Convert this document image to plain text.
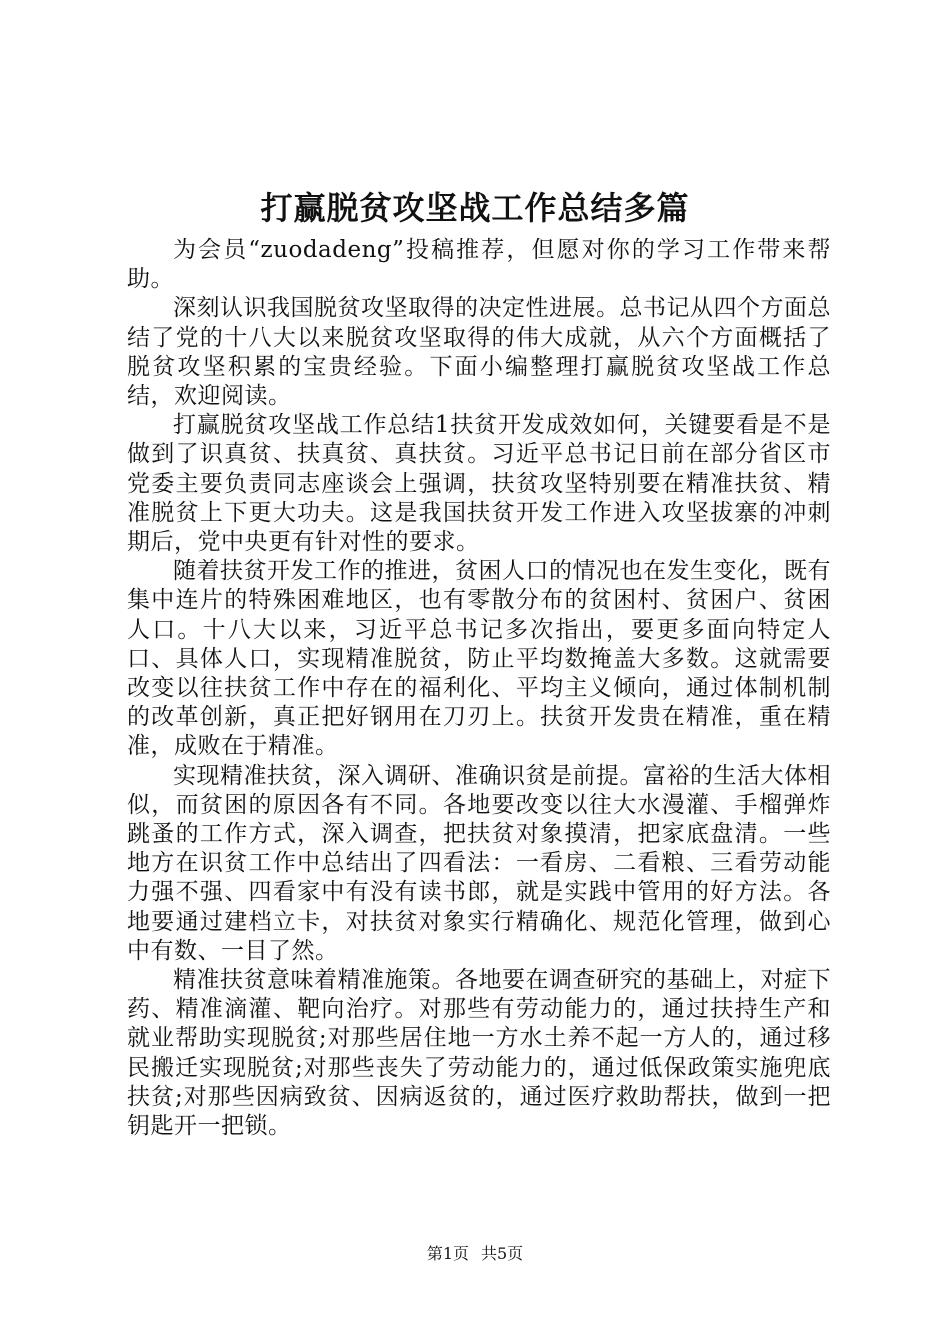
打赢脱贫攻坚战工作总结多篇

为会员“zuodadeng”投稿推荐，但愿对你的学习工作带来帮助。

深刻认识我国脱贫攻坚取得的决定性进展。总书记从四个方面总结了党的十八大以来脱贫攻坚取得的伟大成就，从六个方面概括了脱贫攻坚积累的宝贵经验。下面小编整理打赢脱贫攻坚战工作总结，欢迎阅读。

打赢脱贫攻坚战工作总结1扶贫开发成效如何，关键要看是不是做到了识真贫、扶真贫、真扶贫。习近平总书记日前在部分省区市党委主要负责同志座谈会上强调，扶贫攻坚特别要在精准扶贫、精准脱贫上下更大功夫。这是我国扶贫开发工作进入攻坚拔寨的冲刺期后，党中央更有针对性的要求。

随着扶贫开发工作的推进，贫困人口的情况也在发生变化，既有集中连片的特殊困难地区，也有零散分布的贫困村、贫困户、贫困人口。十八大以来，习近平总书记多次指出，要更多面向特定人口、具体人口，实现精准脱贫，防止平均数掩盖大多数。这就需要改变以往扶贫工作中存在的福利化、平均主义倾向，通过体制机制的改革创新，真正把好钢用在刀刃上。扶贫开发贵在精准，重在精准，成败在于精准。

实现精准扶贫，深入调研、准确识贫是前提。富裕的生活大体相似，而贫困的原因各有不同。各地要改变以往大水漫灌、手榴弹炸跳蚤的工作方式，深入调查，把扶贫对象摸清，把家底盘清。一些地方在识贫工作中总结出了四看法：一看房、二看粮、三看劳动能力强不强、四看家中有没有读书郎，就是实践中管用的好方法。各地要通过建档立卡，对扶贫对象实行精确化、规范化管理，做到心中有数、一目了然。

精准扶贫意味着精准施策。各地要在调查研究的基础上，对症下药、精准滴灌、靶向治疗。对那些有劳动能力的，通过扶持生产和就业帮助实现脱贫;对那些居住地一方水土养不起一方人的，通过移民搬迁实现脱贫;对那些丧失了劳动能力的，通过低保政策实施兜底扶贫;对那些因病致贫、因病返贫的，通过医疗救助帮扶，做到一把钥匙开一把锁。

第1页 共5页
